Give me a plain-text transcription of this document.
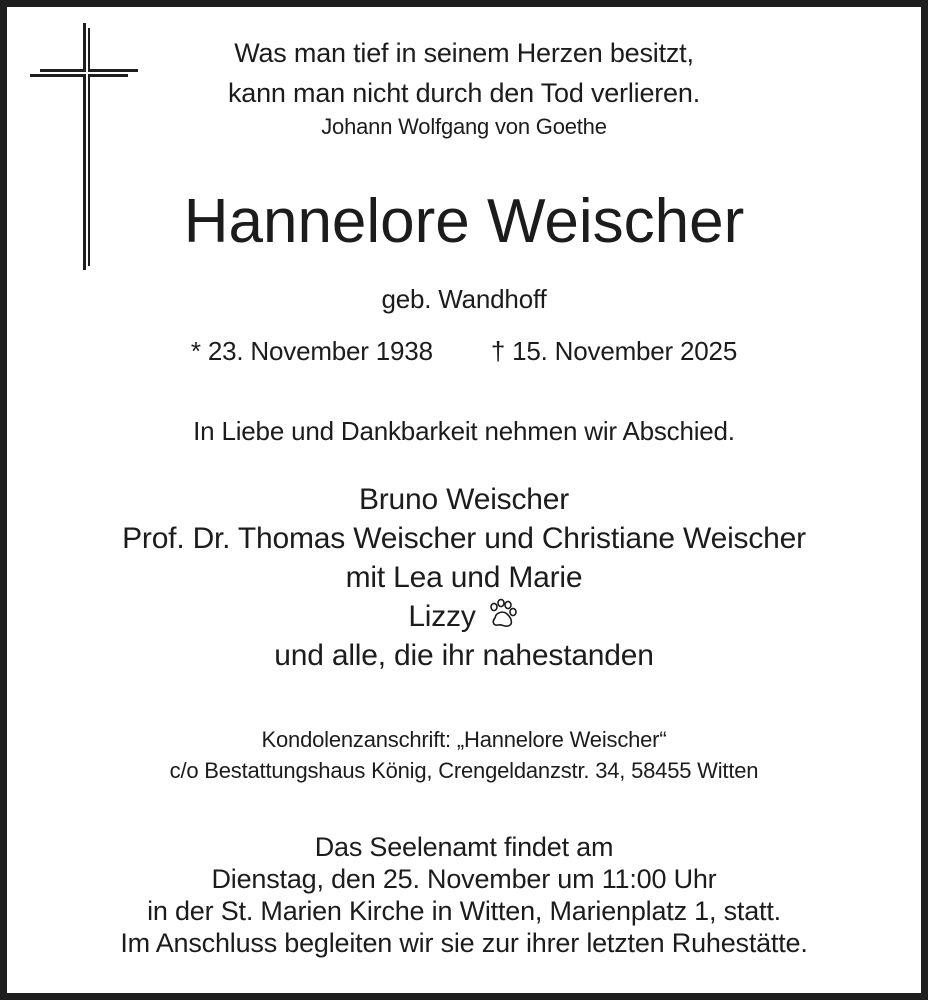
Was man tief in seinem Herzen besitzt,
kann man nicht durch den Tod verlieren.
Johann Wolfgang von Goethe
Hannelore Weischer
geb. Wandhoff
* 23. November 1938 † 15. November 2025
In Liebe und Dankbarkeit nehmen wir Abschied.
Bruno Weischer
Prof. Dr. Thomas Weischer und Christiane Weischer
mit Lea und Marie
Lizzy
und alle, die ihr nahestanden
Kondolenzanschrift: „Hannelore Weischer“
c/o Bestattungshaus König, Crengeldanzstr. 34, 58455 Witten
Das Seelenamt findet am
Dienstag, den 25. November um 11:00 Uhr
in der St. Marien Kirche in Witten, Marienplatz 1, statt.
Im Anschluss begleiten wir sie zur ihrer letzten Ruhestätte.
